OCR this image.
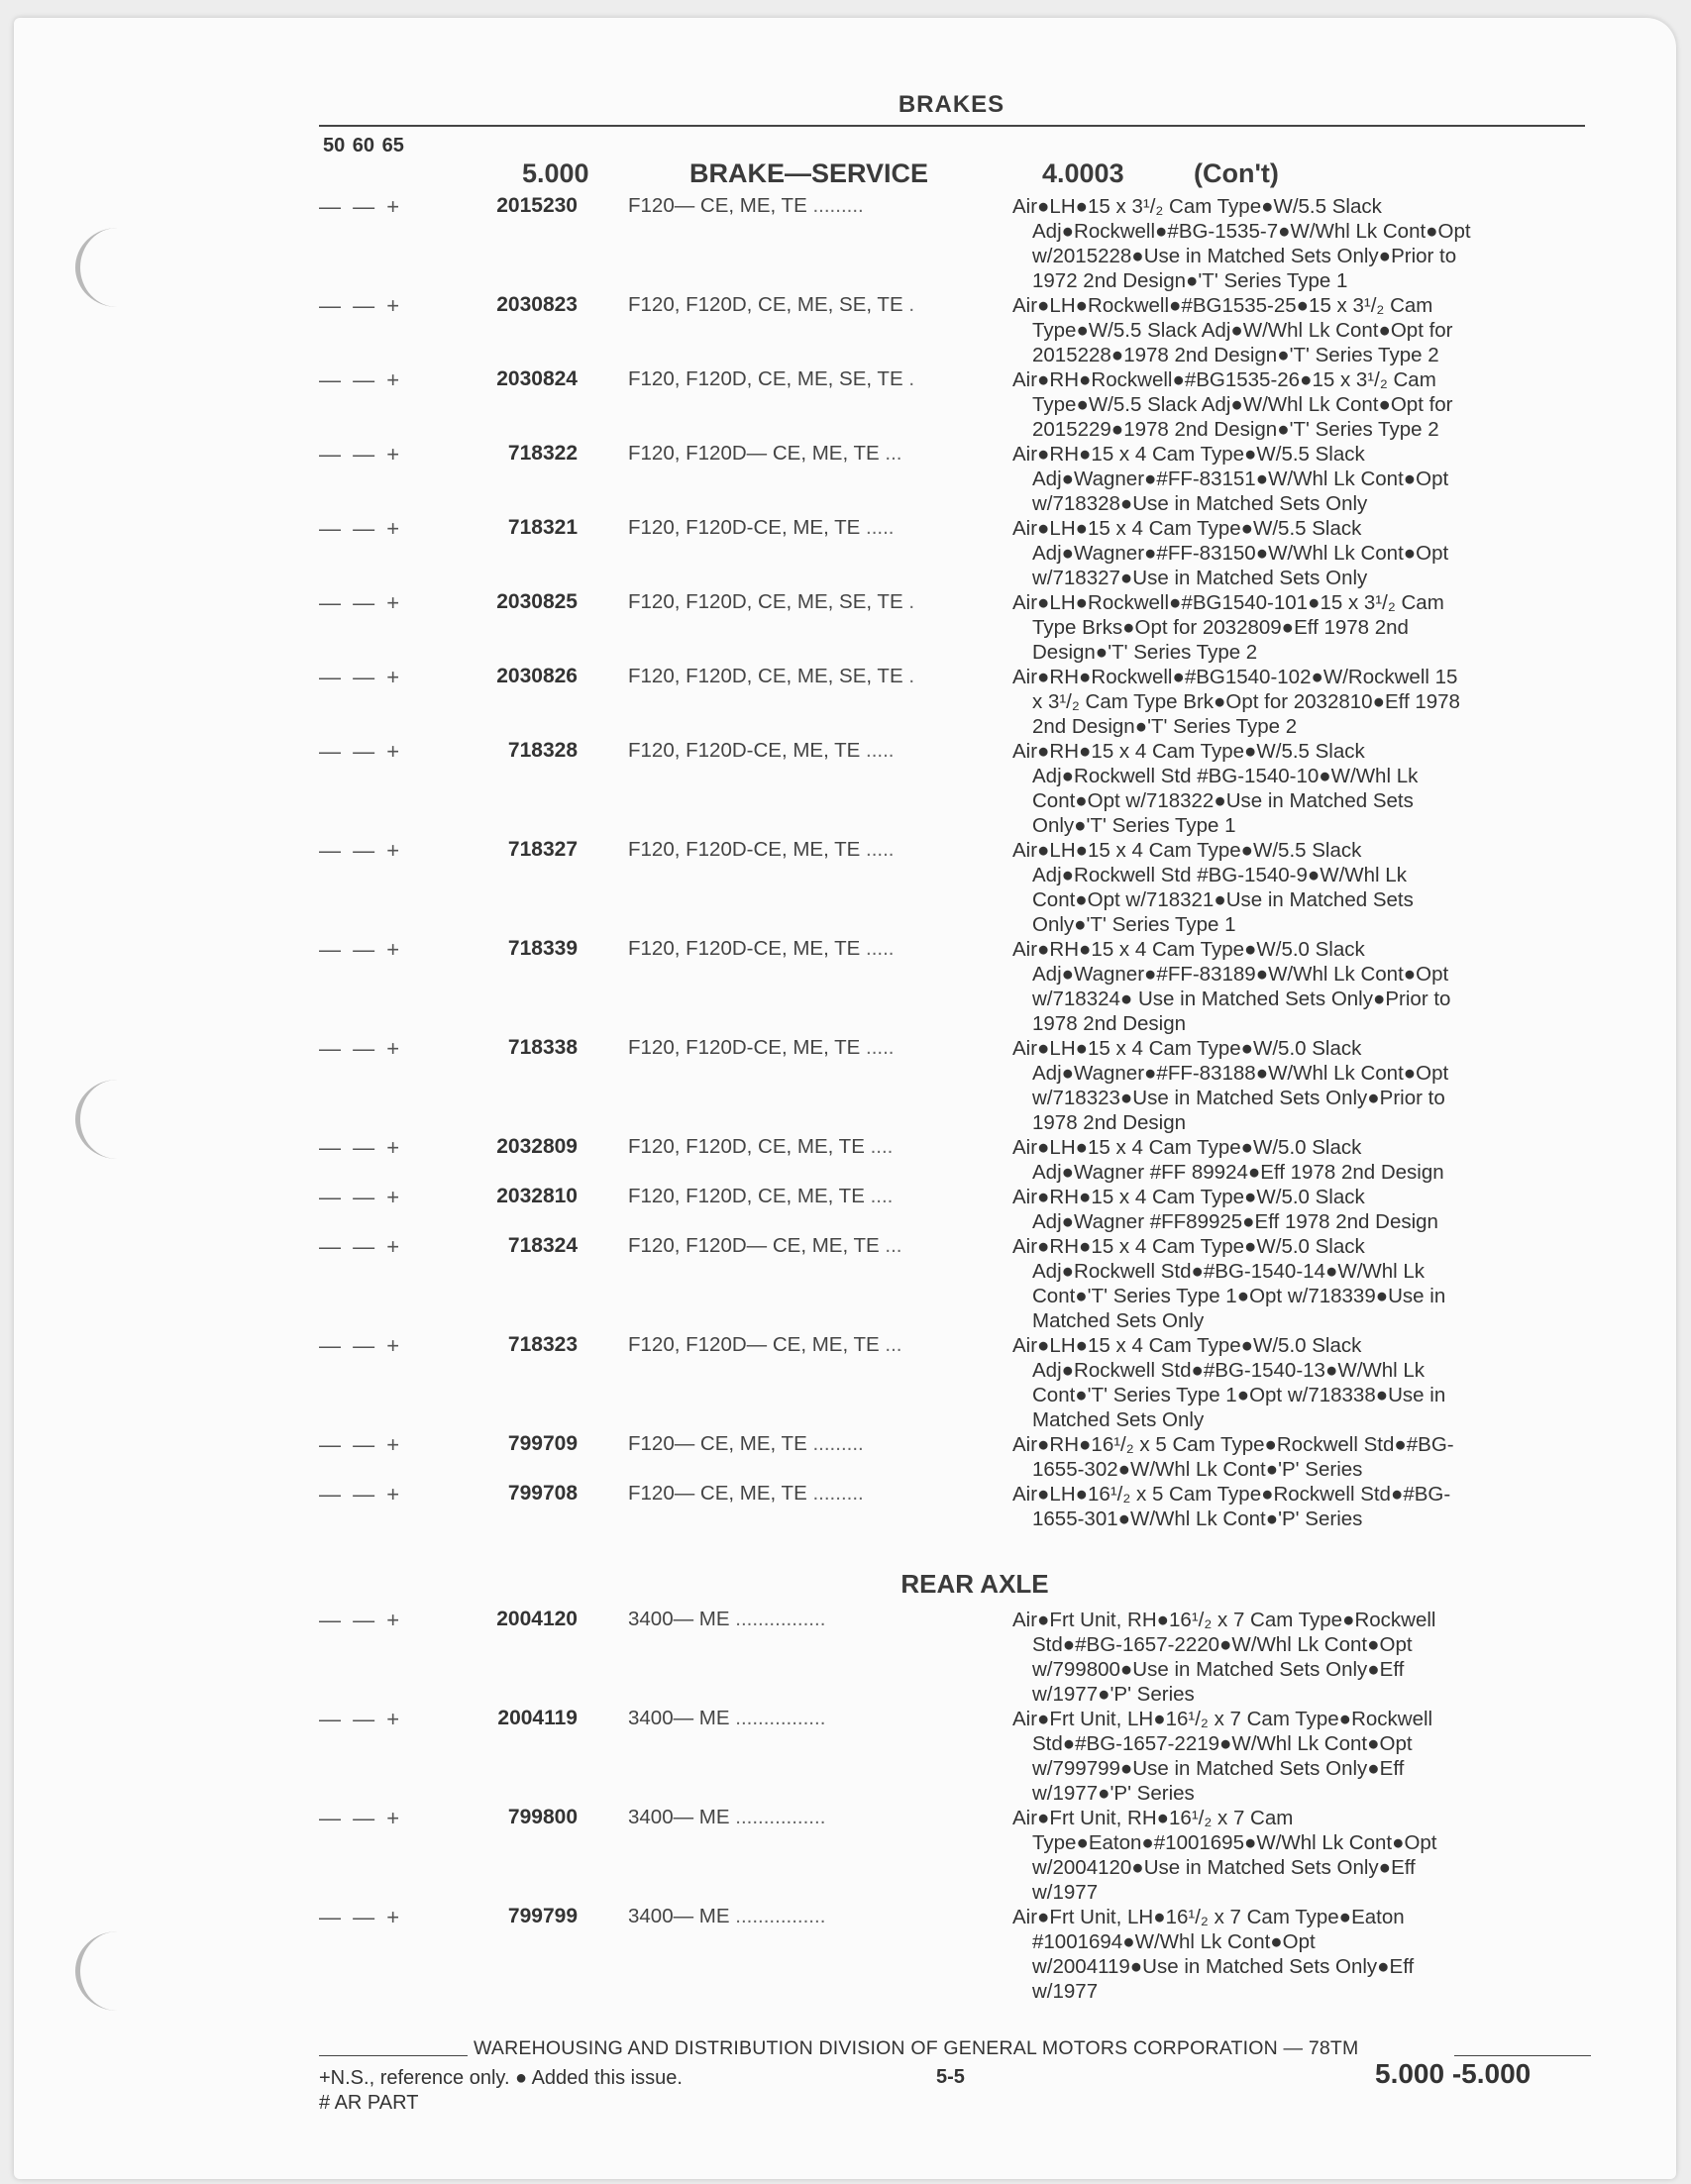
BRAKES
50 60 65
5.000	BRAKE—SERVICE	4.0003	(Con't)
— — +	2015230 F120— CE, ME, TE .........	Air●LH●15 x 3¹/₂ Cam Type●W/5.5 Slack
Adj●Rockwell●#BG-1535-7●W/Whl Lk Cont●Opt
w/2015228●Use in Matched Sets Only●Prior to
1972 2nd Design●'T' Series Type 1
— — +	2030823 F120, F120D, CE, ME, SE, TE .	Air●LH●Rockwell●#BG1535-25●15 x 3¹/₂ Cam
Type●W/5.5 Slack Adj●W/Whl Lk Cont●Opt for
2015228●1978 2nd Design●'T' Series Type 2
— — +	2030824 F120, F120D, CE, ME, SE, TE .	Air●RH●Rockwell●#BG1535-26●15 x 3¹/₂ Cam
Type●W/5.5 Slack Adj●W/Whl Lk Cont●Opt for
2015229●1978 2nd Design●'T' Series Type 2
— — +	718322 F120, F120D— CE, ME, TE ...	Air●RH●15 x 4 Cam Type●W/5.5 Slack
Adj●Wagner●#FF-83151●W/Whl Lk Cont●Opt
w/718328●Use in Matched Sets Only
— — +	718321 F120, F120D-CE, ME, TE .....	Air●LH●15 x 4 Cam Type●W/5.5 Slack
Adj●Wagner●#FF-83150●W/Whl Lk Cont●Opt
w/718327●Use in Matched Sets Only
— — +	2030825 F120, F120D, CE, ME, SE, TE .	Air●LH●Rockwell●#BG1540-101●15 x 3¹/₂ Cam
Type Brks●Opt for 2032809●Eff 1978 2nd
Design●'T' Series Type 2
— — +	2030826 F120, F120D, CE, ME, SE, TE .	Air●RH●Rockwell●#BG1540-102●W/Rockwell 15
x 3¹/₂ Cam Type Brk●Opt for 2032810●Eff 1978
2nd Design●'T' Series Type 2
— — +	718328 F120, F120D-CE, ME, TE .....	Air●RH●15 x 4 Cam Type●W/5.5 Slack
Adj●Rockwell Std #BG-1540-10●W/Whl Lk
Cont●Opt w/718322●Use in Matched Sets
Only●'T' Series Type 1
— — +	718327 F120, F120D-CE, ME, TE .....	Air●LH●15 x 4 Cam Type●W/5.5 Slack
Adj●Rockwell Std #BG-1540-9●W/Whl Lk
Cont●Opt w/718321●Use in Matched Sets
Only●'T' Series Type 1
— — +	718339 F120, F120D-CE, ME, TE .....	Air●RH●15 x 4 Cam Type●W/5.0 Slack
Adj●Wagner●#FF-83189●W/Whl Lk Cont●Opt
w/718324● Use in Matched Sets Only●Prior to
1978 2nd Design
— — +	718338 F120, F120D-CE, ME, TE .....	Air●LH●15 x 4 Cam Type●W/5.0 Slack
Adj●Wagner●#FF-83188●W/Whl Lk Cont●Opt
w/718323●Use in Matched Sets Only●Prior to
1978 2nd Design
— — +	2032809 F120, F120D, CE, ME, TE ....	Air●LH●15 x 4 Cam Type●W/5.0 Slack
Adj●Wagner #FF 89924●Eff 1978 2nd Design
— — +	2032810 F120, F120D, CE, ME, TE ....	Air●RH●15 x 4 Cam Type●W/5.0 Slack
Adj●Wagner #FF89925●Eff 1978 2nd Design
— — +	718324 F120, F120D— CE, ME, TE ...	Air●RH●15 x 4 Cam Type●W/5.0 Slack
Adj●Rockwell Std●#BG-1540-14●W/Whl Lk
Cont●'T' Series Type 1●Opt w/718339●Use in
Matched Sets Only
— — +	718323 F120, F120D— CE, ME, TE ...	Air●LH●15 x 4 Cam Type●W/5.0 Slack
Adj●Rockwell Std●#BG-1540-13●W/Whl Lk
Cont●'T' Series Type 1●Opt w/718338●Use in
Matched Sets Only
— — +	799709 F120— CE, ME, TE .........	Air●RH●16¹/₂ x 5 Cam Type●Rockwell Std●#BG-
1655-302●W/Whl Lk Cont●'P' Series
— — +	799708 F120— CE, ME, TE .........	Air●LH●16¹/₂ x 5 Cam Type●Rockwell Std●#BG-
1655-301●W/Whl Lk Cont●'P' Series
REAR AXLE
— — +	2004120 3400— ME ................	Air●Frt Unit, RH●16¹/₂ x 7 Cam Type●Rockwell
Std●#BG-1657-2220●W/Whl Lk Cont●Opt
w/799800●Use in Matched Sets Only●Eff
w/1977●'P' Series
— — +	2004119 3400— ME ................	Air●Frt Unit, LH●16¹/₂ x 7 Cam Type●Rockwell
Std●#BG-1657-2219●W/Whl Lk Cont●Opt
w/799799●Use in Matched Sets Only●Eff
w/1977●'P' Series
— — +	799800 3400— ME ................	Air●Frt Unit, RH●16¹/₂ x 7 Cam
Type●Eaton●#1001695●W/Whl Lk Cont●Opt
w/2004120●Use in Matched Sets Only●Eff
w/1977
— — +	799799 3400— ME ................	Air●Frt Unit, LH●16¹/₂ x 7 Cam Type●Eaton
#1001694●W/Whl Lk Cont●Opt
w/2004119●Use in Matched Sets Only●Eff
w/1977
WAREHOUSING AND DISTRIBUTION DIVISION OF GENERAL MOTORS CORPORATION — 78TM
+N.S., reference only. ● Added this issue.
# AR PART
5-5	5.000 -5.000
